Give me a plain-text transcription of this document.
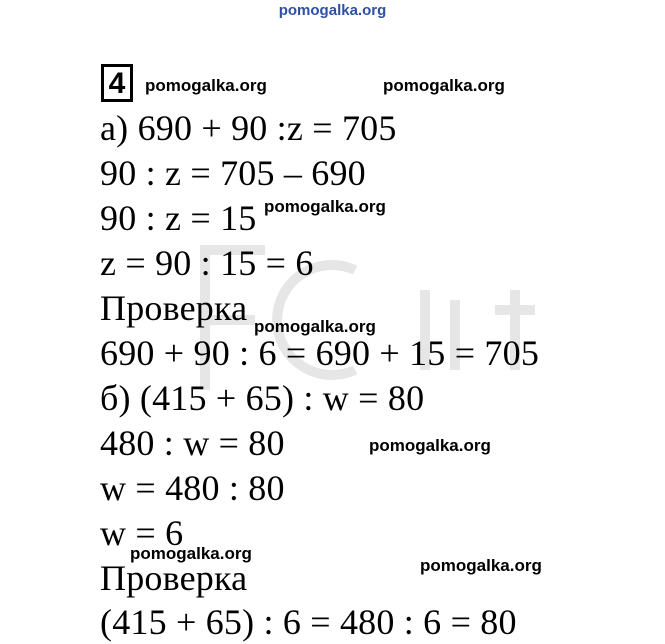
pomogalka.org
4	pomogalka.org	pomogalka.org
pomogalka.org
pomogalka.org
pomogalka.org
pomogalka.org
pomogalka.org
а) 690 + 90 :z = 705
90 : z = 705 – 690
90 : z = 15
z = 90 : 15 = 6
Проверка
690 + 90 : 6 = 690 + 15 = 705
б) (415 + 65) : w = 80
480 : w = 80
w = 480 : 80
w = 6
Проверка
(415 + 65) : 6 = 480 : 6 = 80
